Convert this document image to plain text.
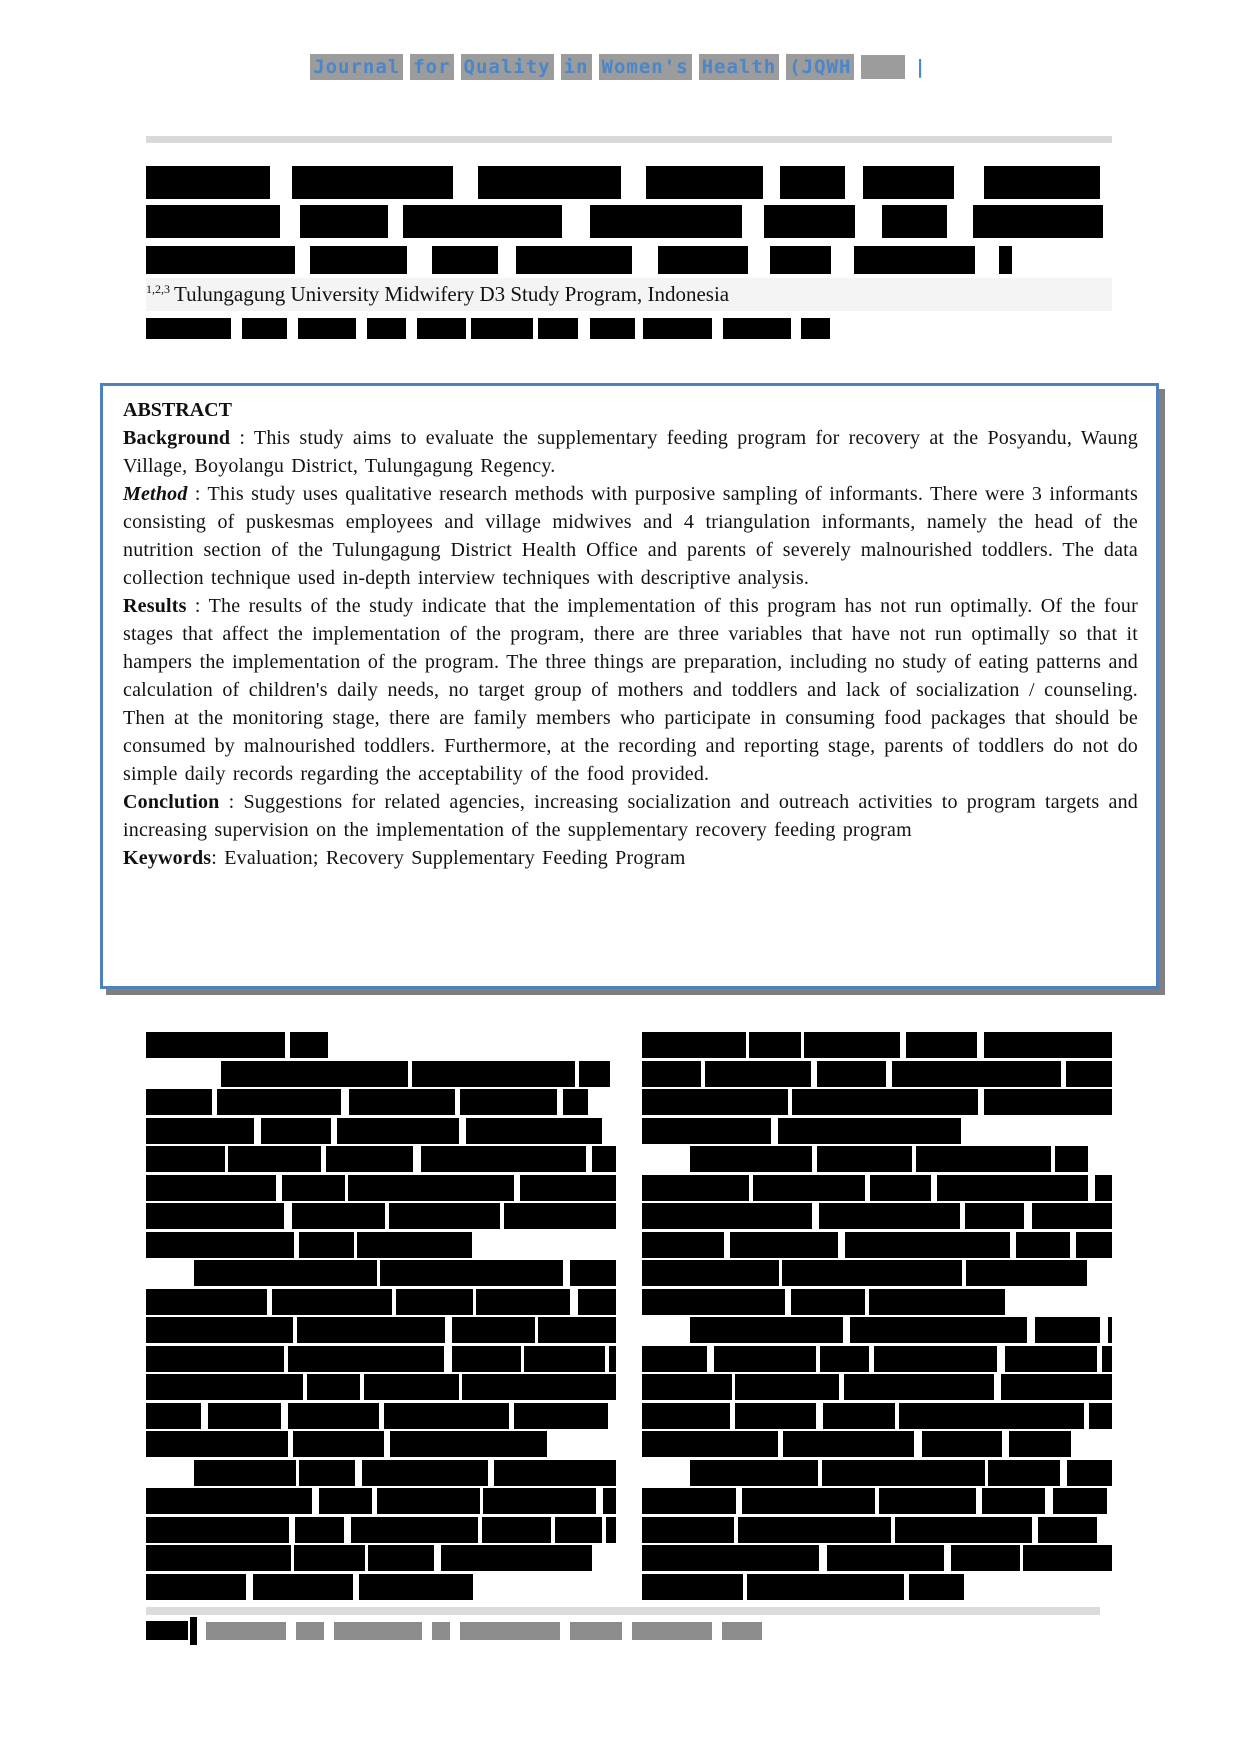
Journal for Quality in Women's Health (JQWH	|
$^{1,2,3}$ Tulungagung University Midwifery D3 Study Program, Indonesia
ABSTRACT
Background : This study aims to evaluate the supplementary feeding program for recovery at the Posyandu, Waung Village, Boyolangu District, Tulungagung Regency.
Method : This study uses qualitative research methods with purposive sampling of informants. There were 3 informants consisting of puskesmas employees and village midwives and 4 triangulation informants, namely the head of the nutrition section of the Tulungagung District Health Office and parents of severely malnourished toddlers. The data collection technique used in-depth interview techniques with descriptive analysis.
Results : The results of the study indicate that the implementation of this program has not run optimally. Of the four stages that affect the implementation of the program, there are three variables that have not run optimally so that it hampers the implementation of the program. The three things are preparation, including no study of eating patterns and calculation of children's daily needs, no target group of mothers and toddlers and lack of socialization / counseling. Then at the monitoring stage, there are family members who participate in consuming food packages that should be consumed by malnourished toddlers. Furthermore, at the recording and reporting stage, parents of toddlers do not do simple daily records regarding the acceptability of the food provided.
Conclution : Suggestions for related agencies, increasing socialization and outreach activities to program targets and increasing supervision on the implementation of the supplementary recovery feeding program
Keywords: Evaluation; Recovery Supplementary Feeding Program
